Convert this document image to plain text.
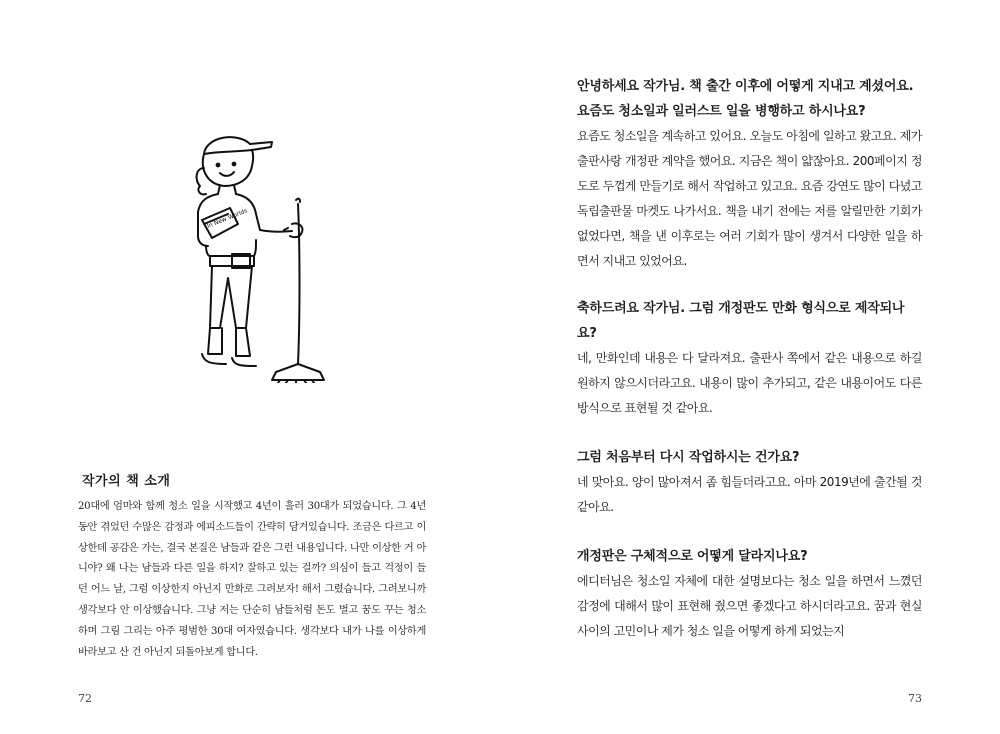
In New Worlds
작가의 책 소개
20대에 엄마와 함께 청소 일을 시작했고 4년이 흘러 30대가 되었습니다. 그 4년 동안 겪었던 수많은 감정과 에피소드들이 간략히 담겨있습니다. 조금은 다르고 이상한데 공감은 가는, 결국 본질은 남들과 같은 그런 내용입니다. 나만 이상한 거 아니야? 왜 나는 남들과 다른 일을 하지? 잘하고 있는 걸까? 의심이 들고 걱정이 들던 어느 날, 그럼 이상한지 아닌지 만화로 그려보자! 해서 그렸습니다. 그려보니까 생각보다 안 이상했습니다. 그냥 저는 단순히 남들처럼 돈도 벌고 꿈도 꾸는 청소 하며 그림 그리는 아주 평범한 30대 여자였습니다. 생각보다 내가 나를 이상하게 바라보고 산 건 아닌지 되돌아보게 합니다.
72
안녕하세요 작가님. 책 출간 이후에 어떻게 지내고 계셨어요. 요즘도 청소일과 일러스트 일을 병행하고 하시나요?
요즘도 청소일을 계속하고 있어요. 오늘도 아침에 일하고 왔고요. 제가 출판사랑 개정판 계약을 했어요. 지금은 책이 얇잖아요. 200페이지 정도로 두껍게 만들기로 해서 작업하고 있고요. 요즘 강연도 많이 다녔고 독립출판물 마켓도 나가서요. 책을 내기 전에는 저를 알릴만한 기회가 없었다면, 책을 낸 이후로는 여러 기회가 많이 생겨서 다양한 일을 하면서 지내고 있었어요.
축하드려요 작가님. 그럼 개정판도 만화 형식으로 제작되나요?
네, 만화인데 내용은 다 달라져요. 출판사 쪽에서 같은 내용으로 하길 원하지 않으시더라고요. 내용이 많이 추가되고, 같은 내용이어도 다른 방식으로 표현될 것 같아요.
그럼 처음부터 다시 작업하시는 건가요?
네 맞아요. 양이 많아져서 좀 힘들더라고요. 아마 2019년에 출간될 것 같아요.
개정판은 구체적으로 어떻게 달라지나요?
에디터님은 청소일 자체에 대한 설명보다는 청소 일을 하면서 느꼈던 감정에 대해서 많이 표현해 줬으면 좋겠다고 하시더라고요. 꿈과 현실 사이의 고민이나 제가 청소 일을 어떻게 하게 되었는지
73
